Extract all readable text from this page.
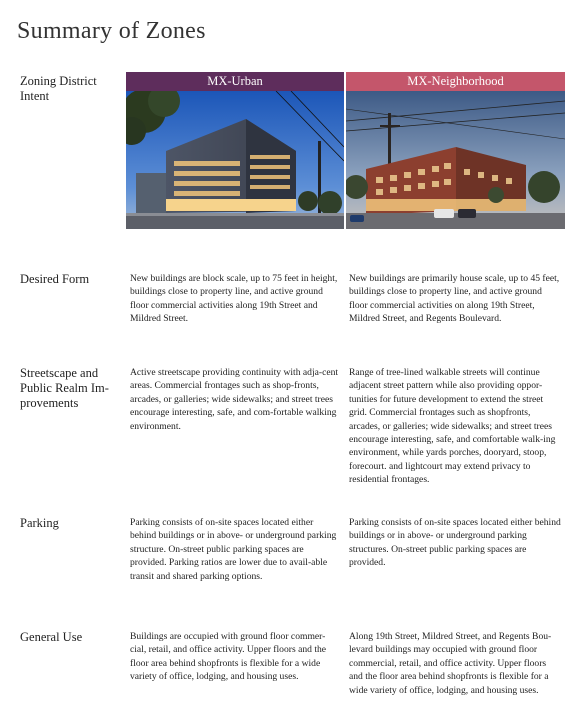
Summary of Zones
MX-Urban	MX-Neighborhood
Zoning District Intent
Desired Form
Streetscape and Public Realm Im-provements
Parking
General Use
New buildings are block scale, up to 75 feet in height, buildings close to property line, and active ground floor commercial activities along 19th Street and Mildred Street.
New buildings are primarily house scale, up to 45 feet, buildings close to property line, and active ground floor commercial activities on along 19th Street, Mildred Street, and Regents Boulevard.
Active streetscape providing continuity with adja-cent areas. Commercial frontages such as shop-fronts, arcades, or galleries; wide sidewalks; and street trees encourage interesting, safe, and com-fortable walking environment.
Range of tree-lined walkable streets will continue adjacent street pattern while also providing oppor-tunities for future development to extend the street grid. Commercial frontages such as shopfronts, arcades, or galleries; wide sidewalks; and street trees encourage interesting, safe, and comfortable walk-ing environment, while yards porches, dooryard, stoop, forecourt. and lightcourt may extend privacy to residential frontages.
Parking consists of on-site spaces located either behind buildings or in above- or underground parking structure. On-street public parking spaces are provided. Parking ratios are lower due to avail-able transit and shared parking options.
Parking consists of on-site spaces located either behind buildings or in above- or underground parking structures. On-street public parking spaces are provided.
Buildings are occupied with ground floor commer-cial, retail, and office activity. Upper floors and the floor area behind shopfronts is flexible for a wide variety of office, lodging, and housing uses.
Along 19th Street, Mildred Street, and Regents Bou-levard buildings may occupied with ground floor commercial, retail, and office activity. Upper floors and the floor area behind shopfronts is flexible for a wide variety of office, lodging, and housing uses.
